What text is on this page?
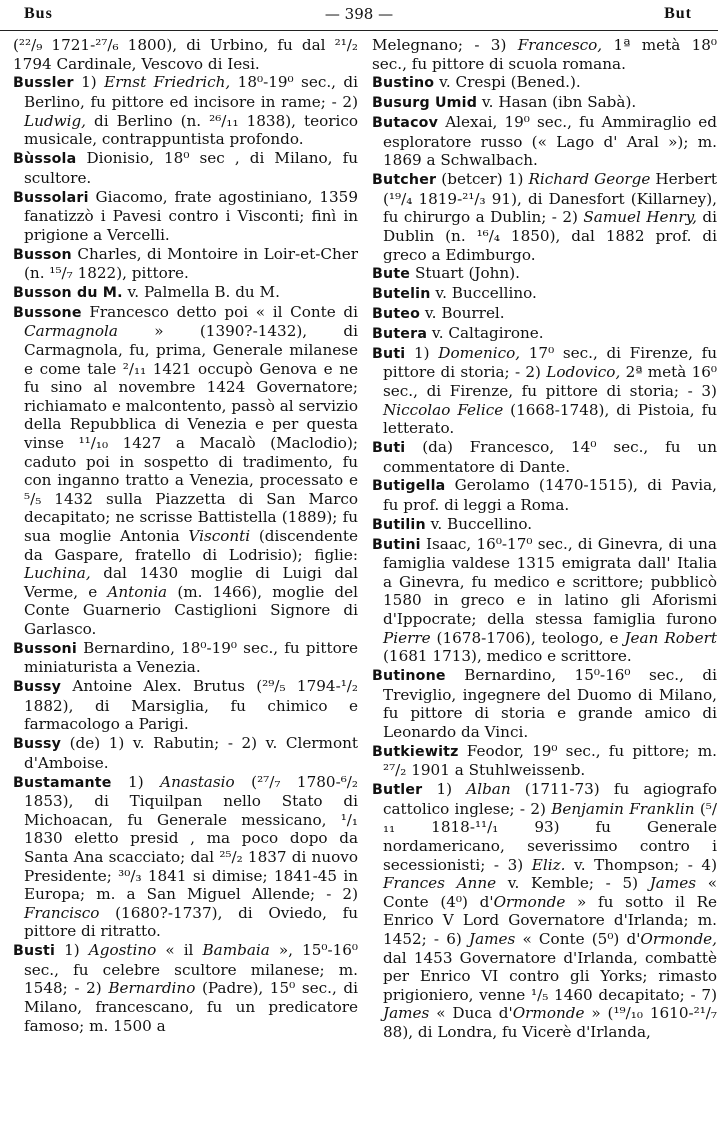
Bus	— 398 —	But
(²²/₉ 1721-²⁷/₆ 1800), di Urbino, fu dal ²¹/₂ 1794 Cardinale, Vescovo di Iesi.
Bussler 1) Ernst Friedrich, 18⁰-19⁰ sec., di Berlino, fu pittore ed incisore in rame; - 2) Ludwig, di Berlino (n. ²⁶/₁₁ 1838), teorico musicale, contrappuntista profondo.
Bùssola Dionisio, 18⁰ sec , di Milano, fu scultore.
Bussolari Giacomo, frate agostiniano, 1359 fanatizzò i Pavesi contro i Visconti; finì in prigione a Vercelli.
Busson Charles, di Montoire in Loir-et-Cher (n. ¹⁵/₇ 1822), pittore.
Busson du M. v. Palmella B. du M.
Bussone Francesco detto poi « il Conte di Carmagnola » (1390?-1432), di Carmagnola, fu, prima, Generale milanese e come tale ²/₁₁ 1421 occupò Genova e ne fu sino al novembre 1424 Governatore; richiamato e malcontento, passò al servizio della Repubblica di Venezia e per questa vinse ¹¹/₁₀ 1427 a Macalò (Maclodio); caduto poi in sospetto di tradimento, fu con inganno tratto a Venezia, processato e ⁵/₅ 1432 sulla Piazzetta di San Marco decapitato; ne scrisse Battistella (1889); fu sua moglie Antonia Visconti (discendente da Gaspare, fratello di Lodrisio); figlie: Luchina, dal 1430 moglie di Luigi dal Verme, e Antonia (m. 1466), moglie del Conte Guarnerio Castiglioni Signore di Garlasco.
Bussoni Bernardino, 18⁰-19⁰ sec., fu pittore miniaturista a Venezia.
Bussy Antoine Alex. Brutus (²⁹/₅ 1794-¹/₂ 1882), di Marsiglia, fu chimico e farmacologo a Parigi.
Bussy (de) 1) v. Rabutin; - 2) v. Clermont d'Amboise.
Bustamante 1) Anastasio (²⁷/₇ 1780-⁶/₂ 1853), di Tiquilpan nello Stato di Michoacan, fu Generale messicano, ¹/₁ 1830 eletto presid , ma poco dopo da Santa Ana scacciato; dal ²⁵/₂ 1837 di nuovo Presidente; ³⁰/₃ 1841 si dimise; 1841-45 in Europa; m. a San Miguel Allende; - 2) Francisco (1680?-1737), di Oviedo, fu pittore di ritratto.
Busti 1) Agostino « il Bambaia », 15⁰-16⁰ sec., fu celebre scultore milanese; m. 1548; - 2) Bernardino (Padre), 15⁰ sec., di Milano, francescano, fu un predicatore famoso; m. 1500 a
Melegnano; - 3) Francesco, 1ª metà 18⁰ sec., fu pittore di scuola romana.
Bustino v. Crespi (Bened.).
Busurg Umid v. Hasan (ibn Sabà).
Butacov Alexai, 19⁰ sec., fu Ammiraglio ed esploratore russo (« Lago d' Aral »); m. 1869 a Schwalbach.
Butcher (betcer) 1) Richard George Herbert (¹⁹/₄ 1819-²¹/₃ 91), di Danesfort (Killarney), fu chirurgo a Dublin; - 2) Samuel Henry, di Dublin (n. ¹⁶/₄ 1850), dal 1882 prof. di greco a Edimburgo.
Bute Stuart (John).
Butelin v. Buccellino.
Buteo v. Bourrel.
Butera v. Caltagirone.
Buti 1) Domenico, 17⁰ sec., di Firenze, fu pittore di storia; - 2) Lodovico, 2ª metà 16⁰ sec., di Firenze, fu pittore di storia; - 3) Niccolao Felice (1668-1748), di Pistoia, fu letterato.
Buti (da) Francesco, 14⁰ sec., fu un commentatore di Dante.
Butigella Gerolamo (1470-1515), di Pavia, fu prof. di leggi a Roma.
Butilin v. Buccellino.
Butini Isaac, 16⁰-17⁰ sec., di Ginevra, di una famiglia valdese 1315 emigrata dall' Italia a Ginevra, fu medico e scrittore; pubblicò 1580 in greco e in latino gli Aforismi d'Ippocrate; della stessa famiglia furono Pierre (1678-1706), teologo, e Jean Robert (1681 1713), medico e scrittore.
Butinone Bernardino, 15⁰-16⁰ sec., di Treviglio, ingegnere del Duomo di Milano, fu pittore di storia e grande amico di Leonardo da Vinci.
Butkiewitz Feodor, 19⁰ sec., fu pittore; m. ²⁷/₂ 1901 a Stuhlweissenb.
Butler 1) Alban (1711-73) fu agiografo cattolico inglese; - 2) Benjamin Franklin (⁵/₁₁ 1818-¹¹/₁ 93) fu Generale nordamericano, severissimo contro i secessionisti; - 3) Eliz. v. Thompson; - 4) Frances Anne v. Kemble; - 5) James « Conte (4⁰) d'Ormonde » fu sotto il Re Enrico V Lord Governatore d'Irlanda; m. 1452; - 6) James « Conte (5⁰) d'Ormonde, dal 1453 Governatore d'Irlanda, combattè per Enrico VI contro gli Yorks; rimasto prigioniero, venne ¹/₅ 1460 decapitato; - 7) James « Duca d'Ormonde » (¹⁹/₁₀ 1610-²¹/₇ 88), di Londra, fu Vicerè d'Irlanda,
